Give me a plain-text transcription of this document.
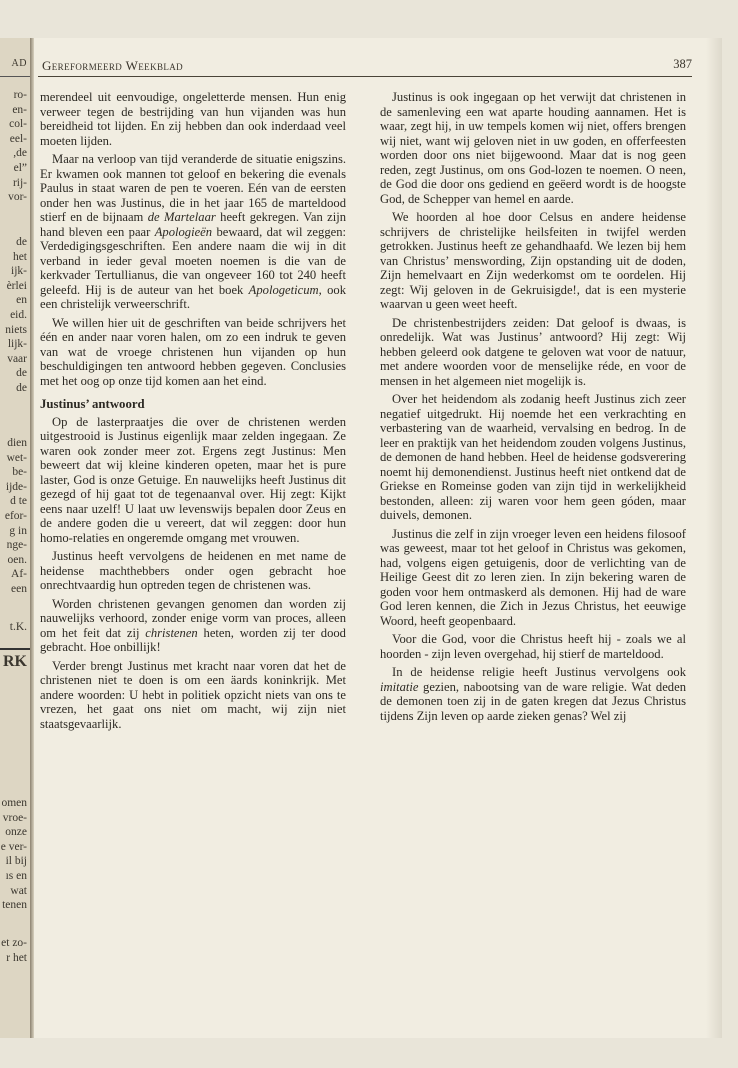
AD
ro-
en-
col-
eel-
,de
el”
rij-
vor-
de
het
ijk-
èrlei
en
eid.
niets
lijk-
vaar
de
de
dien
wet-
be-
ijde-
d te
efor-
g in
nge-
oen.
Af-
een
t.K.
RK
omen
vroe-
onze
e ver-
il bij
ıs en
wat
tenen
et zo-
r het
Gereformeerd Weekblad	387

merendeel uit eenvoudige, ongeletterde mensen. Hun enig verweer tegen de bestrijding van hun vijanden was hun bereidheid tot lijden. En zij hebben dan ook inderdaad veel moeten lijden.

Maar na verloop van tijd veranderde de situatie enigszins. Er kwamen ook mannen tot geloof en bekering die evenals Paulus in staat waren de pen te voeren. Eén van de eersten onder hen was Justinus, die in het jaar 165 de marteldood stierf en de bijnaam de Martelaar heeft gekregen. Van zijn hand bleven een paar Apologieën bewaard, dat wil zeggen: Verdedigingsgeschriften. Een andere naam die wij in dit verband in ieder geval moeten noemen is die van de kerkvader Tertullianus, die van ongeveer 160 tot 240 heeft geleefd. Hij is de auteur van het boek Apologeticum, ook een christelijk verweerschrift.

We willen hier uit de geschriften van beide schrijvers het één en ander naar voren halen, om zo een indruk te geven van wat de vroege christenen hun vijanden op hun beschuldigingen ten antwoord hebben gegeven. Conclusies met het oog op onze tijd komen aan het eind.

Justinus’ antwoord

Op de lasterpraatjes die over de christenen werden uitgestrooid is Justinus eigenlijk maar zelden ingegaan. Ze waren ook zonder meer zot. Ergens zegt Justinus: Men beweert dat wij kleine kinderen opeten, maar het is pure laster, God is onze Getuige. En nauwelijks heeft Justinus dit gezegd of hij gaat tot de tegenaanval over. Hij zegt: Kijkt eens naar uzelf! U laat uw levenswijs bepalen door Zeus en de andere goden die u vereert, dat wil zeggen: door hun homo-relaties en ongeremde omgang met vrouwen.

Justinus heeft vervolgens de heidenen en met name de heidense machthebbers onder ogen gebracht hoe onrechtvaardig hun optreden tegen de christenen was.

Worden christenen gevangen genomen dan worden zij nauwelijks verhoord, zonder enige vorm van proces, alleen om het feit dat zij christenen heten, worden zij ter dood gebracht. Hoe onbillijk!

Verder brengt Justinus met kracht naar voren dat het de christenen niet te doen is om een äards koninkrijk. Met andere woorden: U hebt in politiek opzicht niets van ons te vrezen, het gaat ons niet om macht, wij zijn niet staatsgevaarlijk.

Justinus is ook ingegaan op het verwijt dat christenen in de samenleving een wat aparte houding aannamen. Het is waar, zegt hij, in uw tempels komen wij niet, offers brengen wij niet, want wij geloven niet in uw goden, en offerfeesten worden door ons niet bijgewoond. Maar dat is nog geen reden, zegt Justinus, om ons God-lozen te noemen. O neen, de God die door ons gediend en geëerd wordt is de hoogste God, de Schepper van hemel en aarde.

We hoorden al hoe door Celsus en andere heidense schrijvers de christelijke heilsfeiten in twijfel werden getrokken. Justinus heeft ze gehandhaafd. We lezen bij hem van Christus’ menswording, Zijn opstanding uit de doden, Zijn hemelvaart en Zijn wederkomst om te oordelen. Hij zegt: Wij geloven in de Gekruisigde!, dat is een mysterie waarvan u geen weet heeft.

De christenbestrijders zeiden: Dat geloof is dwaas, is onredelijk. Wat was Justinus’ antwoord? Hij zegt: Wij hebben geleerd ook datgene te geloven wat voor de natuur, met andere woorden voor de menselijke réde, en voor de mensen in het algemeen niet mogelijk is.

Over het heidendom als zodanig heeft Justinus zich zeer negatief uitgedrukt. Hij noemde het een verkrachting en verbastering van de waarheid, vervalsing en bedrog. In de leer en praktijk van het heidendom zouden volgens Justinus, de demonen de hand hebben. Heel de heidense godsverering noemt hij demonendienst. Justinus heeft niet ontkend dat de Griekse en Romeinse goden van zijn tijd in werkelijkheid bestonden, alleen: zij waren voor hem geen góden, maar duivels, demonen.

Justinus die zelf in zijn vroeger leven een heidens filosoof was geweest, maar tot het geloof in Christus was gekomen, had, volgens eigen getuigenis, door de verlichting van de Heilige Geest dit zo leren zien. In zijn bekering waren de goden voor hem ontmaskerd als demonen. Hij had de ware God leren kennen, die Zich in Jezus Christus, het eeuwige Woord, heeft geopenbaard.

Voor die God, voor die Christus heeft hij - zoals we al hoorden - zijn leven overgehad, hij stierf de marteldood.

In de heidense religie heeft Justinus vervolgens ook imitatie gezien, nabootsing van de ware religie. Wat deden de demonen toen zij in de gaten kregen dat Jezus Christus tijdens Zijn leven op aarde zieken genas? Wel zij
